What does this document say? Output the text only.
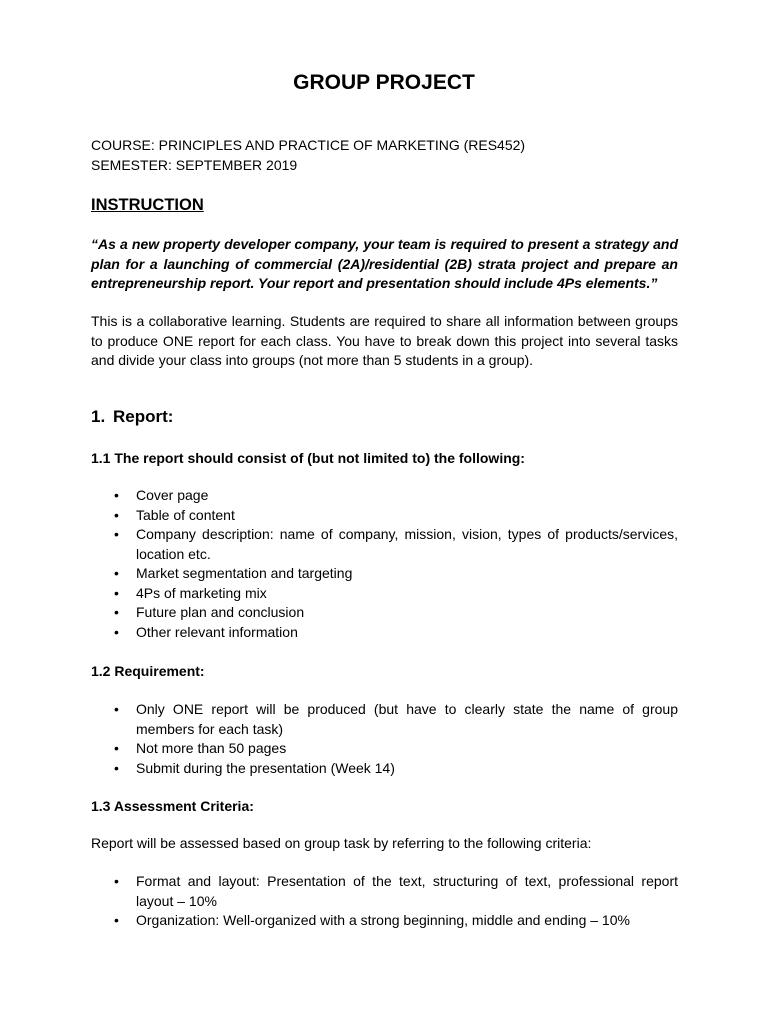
GROUP PROJECT
COURSE: PRINCIPLES AND PRACTICE OF MARKETING (RES452)
SEMESTER: SEPTEMBER 2019
INSTRUCTION
“As a new property developer company, your team is required to present a strategy and plan for a launching of commercial (2A)/residential (2B) strata project and prepare an entrepreneurship report. Your report and presentation should include 4Ps elements.”
This is a collaborative learning. Students are required to share all information between groups to produce ONE report for each class. You have to break down this project into several tasks and divide your class into groups (not more than 5 students in a group).
1. Report:
1.1 The report should consist of (but not limited to) the following:
• Cover page
• Table of content
• Company description: name of company, mission, vision, types of products/services, location etc.
• Market segmentation and targeting
• 4Ps of marketing mix
• Future plan and conclusion
• Other relevant information
1.2 Requirement:
• Only ONE report will be produced (but have to clearly state the name of group members for each task)
• Not more than 50 pages
• Submit during the presentation (Week 14)
1.3 Assessment Criteria:
Report will be assessed based on group task by referring to the following criteria:
• Format and layout: Presentation of the text, structuring of text, professional report layout – 10%
• Organization: Well-organized with a strong beginning, middle and ending – 10%
